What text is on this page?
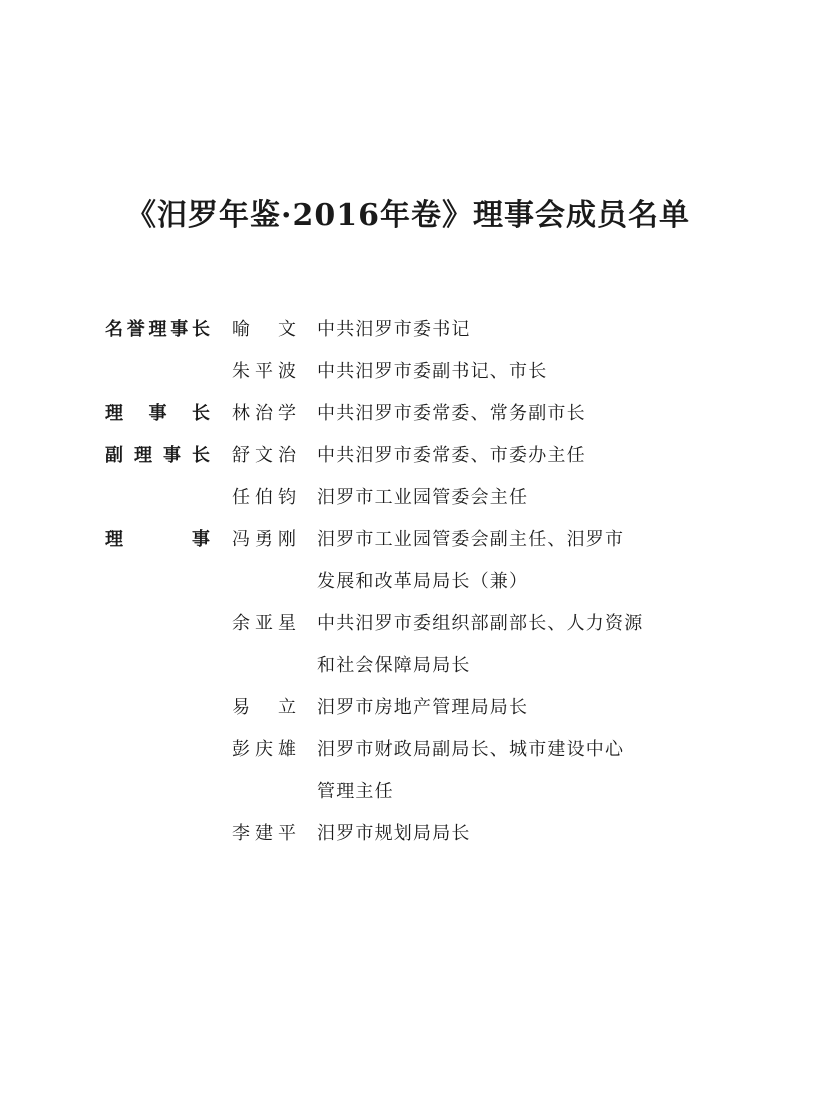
《汨罗年鉴·2016年卷》理事会成员名单
名誉理事长 喻文 中共汨罗市委书记
朱平波 中共汨罗市委副书记、市长
理事长 林治学 中共汨罗市委常委、常务副市长
副理事长 舒文治 中共汨罗市委常委、市委办主任
任伯钧 汨罗市工业园管委会主任
理事 冯勇刚 汨罗市工业园管委会副主任、汨罗市
发展和改革局局长（兼）
余亚星 中共汨罗市委组织部副部长、人力资源
和社会保障局局长
易立 汨罗市房地产管理局局长
彭庆雄 汨罗市财政局副局长、城市建设中心
管理主任
李建平 汨罗市规划局局长
